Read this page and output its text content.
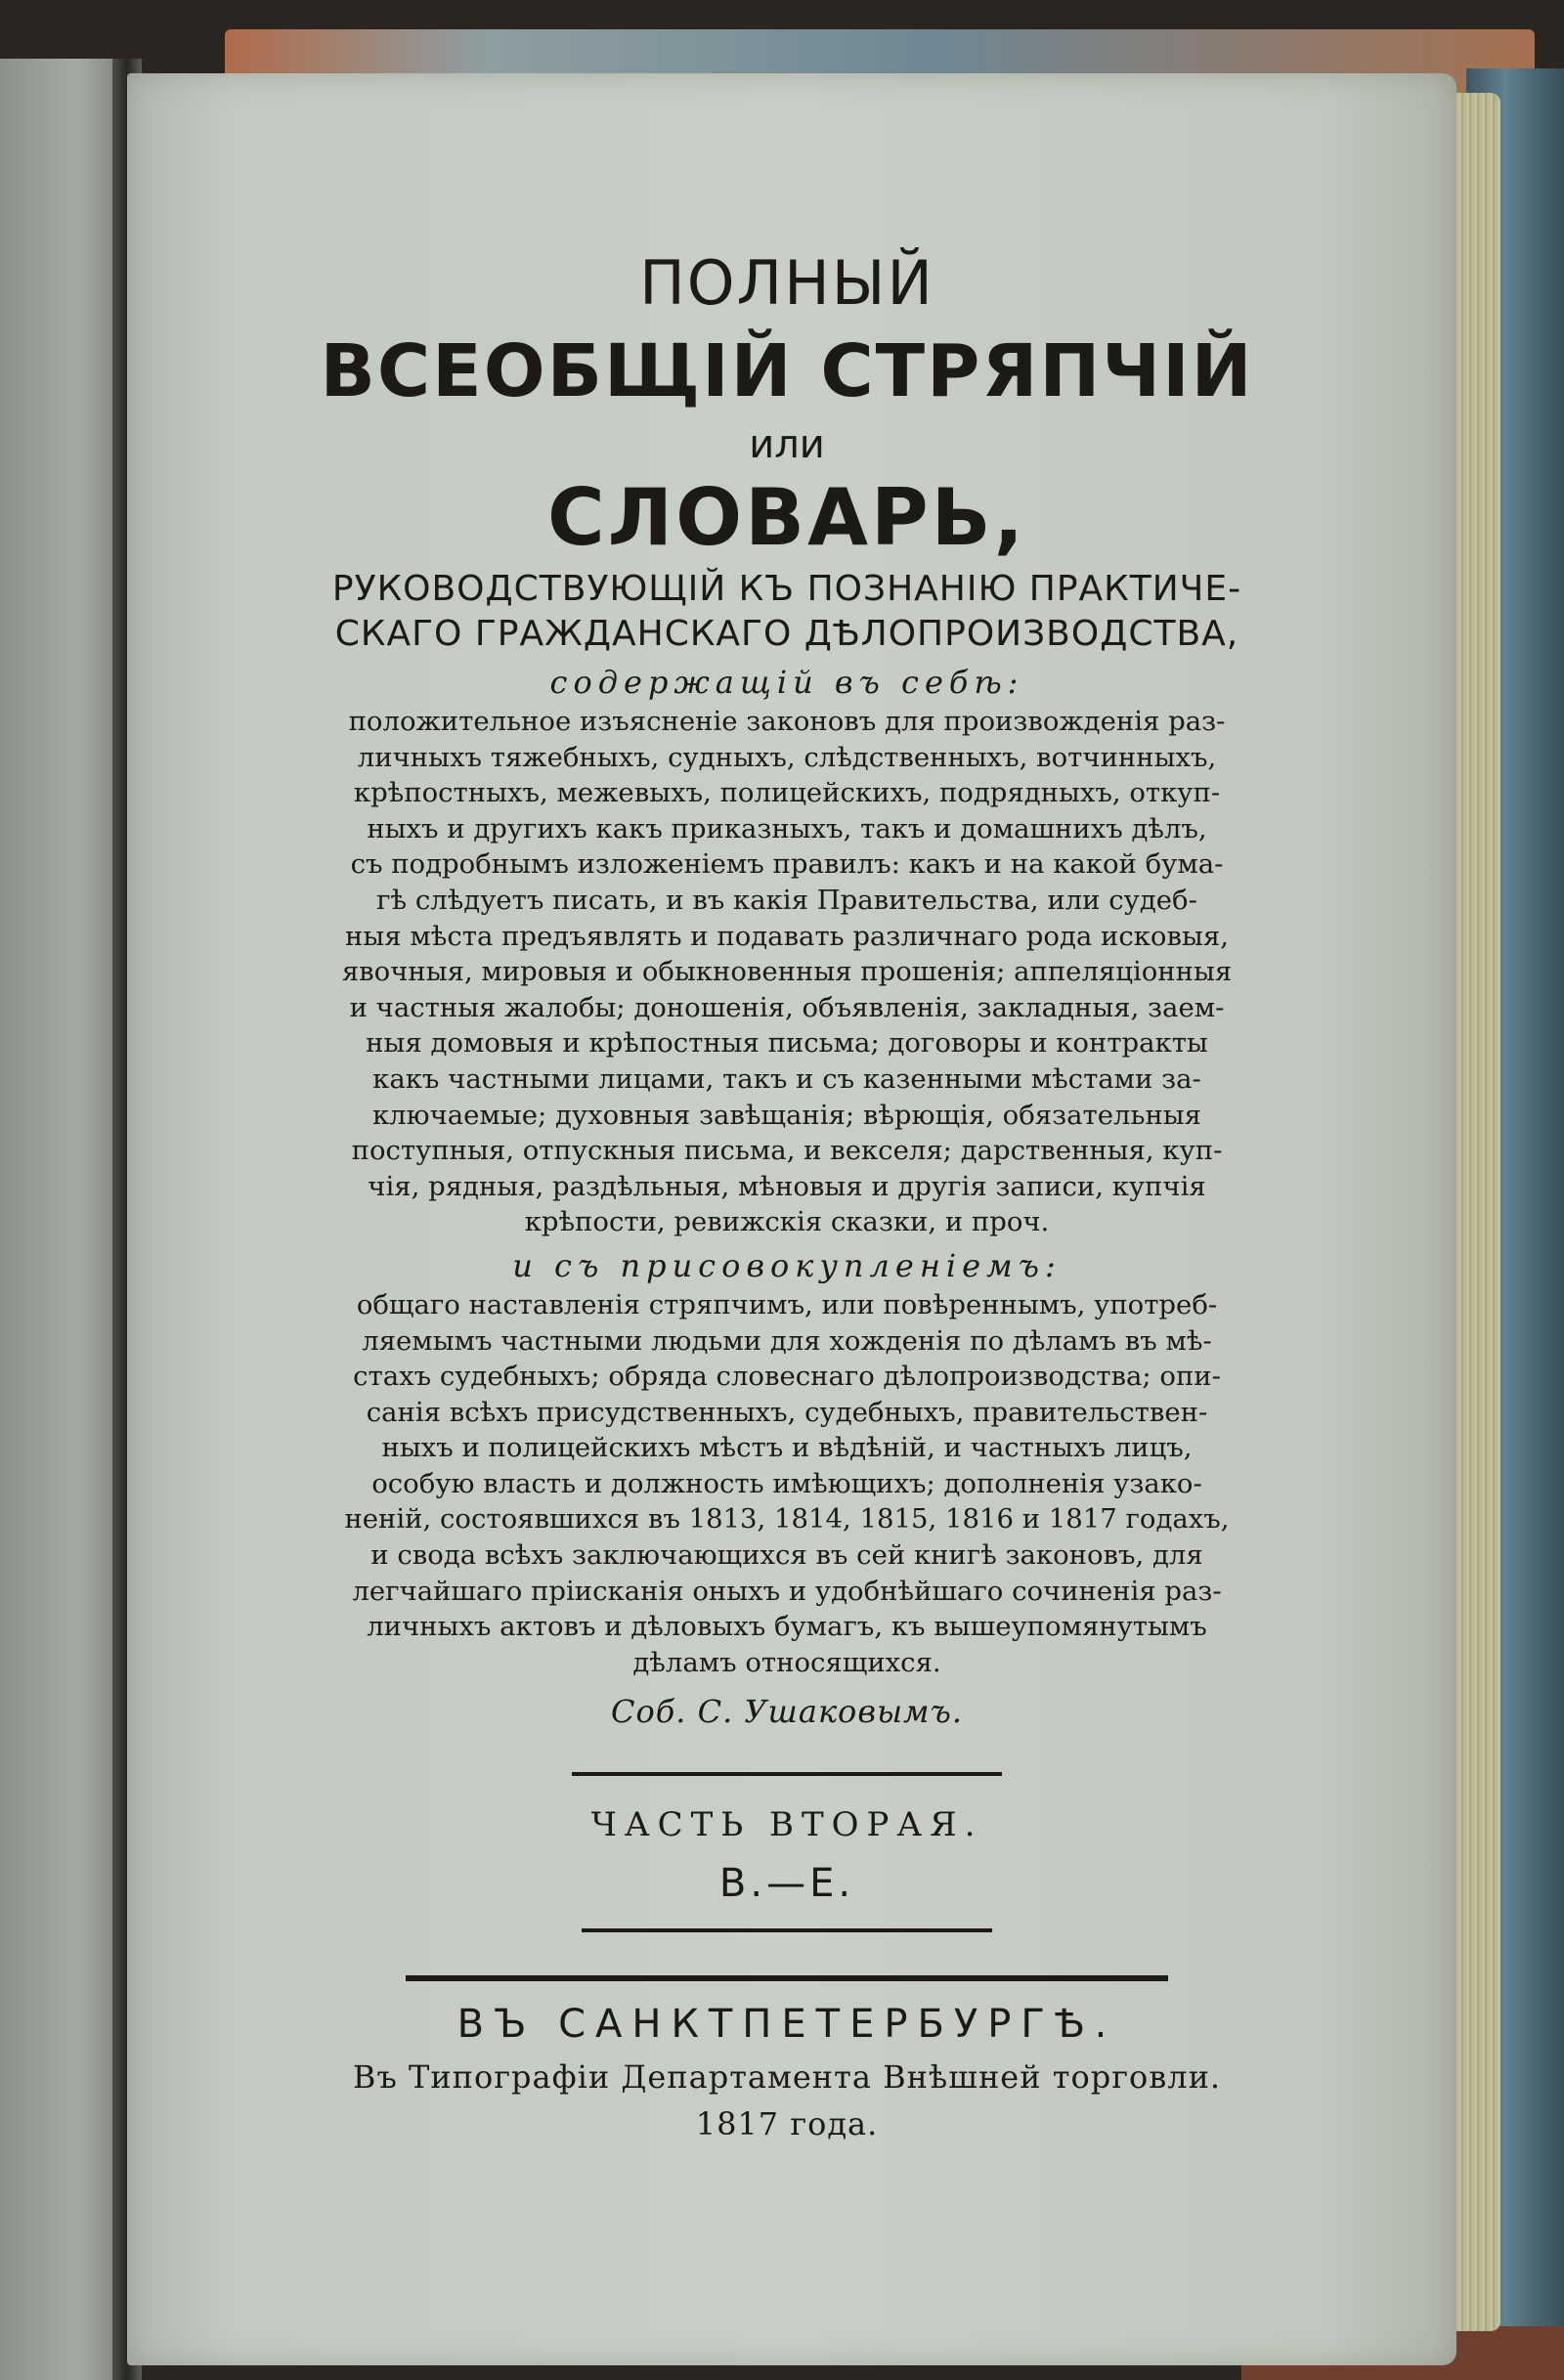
ПОЛНЫЙ

ВСЕОБЩІЙ СТРЯПЧІЙ

или

СЛОВАРЬ,

РУКОВОДСТВУЮЩІЙ КЪ ПОЗНАНІЮ ПРАКТИЧЕ-

СКАГО ГРАЖДАНСКАГО ДѢЛОПРОИЗВОДСТВА,

содержащій въ себѣ:

положительное изъясненіе законовъ для произвожденія раз-
личныхъ тяжебныхъ, судныхъ, слѣдственныхъ, вотчинныхъ,
крѣпостныхъ, межевыхъ, полицейскихъ, подрядныхъ, откуп-
ныхъ и другихъ какъ приказныхъ, такъ и домашнихъ дѣлъ,
съ подробнымъ изложеніемъ правилъ: какъ и на какой бума-
гѣ слѣдуетъ писать, и въ какія Правительства, или судеб-
ныя мѣста предъявлять и подавать различнаго рода исковыя,
явочныя, мировыя и обыкновенныя прошенія; аппеляціонныя
и частныя жалобы; доношенія, объявленія, закладныя, заем-
ныя домовыя и крѣпостныя письма; договоры и контракты
какъ частными лицами, такъ и съ казенными мѣстами за-
ключаемые; духовныя завѣщанія; вѣрющія, обязательныя
поступныя, отпускныя письма, и векселя; дарственныя, куп-
чія, рядныя, раздѣльныя, мѣновыя и другія записи, купчія
крѣпости, ревижскія сказки, и проч.

и съ присовокупленіемъ:

общаго наставленія стряпчимъ, или повѣреннымъ, употреб-
ляемымъ частными людьми для хожденія по дѣламъ въ мѣ-
стахъ судебныхъ; обряда словеснаго дѣлопроизводства; опи-
санія всѣхъ присудственныхъ, судебныхъ, правительствен-
ныхъ и полицейскихъ мѣстъ и вѣдѣній, и частныхъ лицъ,
особую власть и должность имѣющихъ; дополненія узако-
неній, состоявшихся въ 1813, 1814, 1815, 1816 и 1817 годахъ,
и свода всѣхъ заключающихся въ сей книгѣ законовъ, для
легчайшаго пріисканія оныхъ и удобнѣйшаго сочиненія раз-
личныхъ актовъ и дѣловыхъ бумагъ, къ вышеупомянутымъ
дѣламъ относящихся.

Соб. С. Ушаковымъ.

ЧАСТЬ ВТОРАЯ.

В.—Е.

ВЪ САНКТПЕТЕРБУРГѢ.

Въ Типографіи Департамента Внѣшней торговли.

1817 года.
